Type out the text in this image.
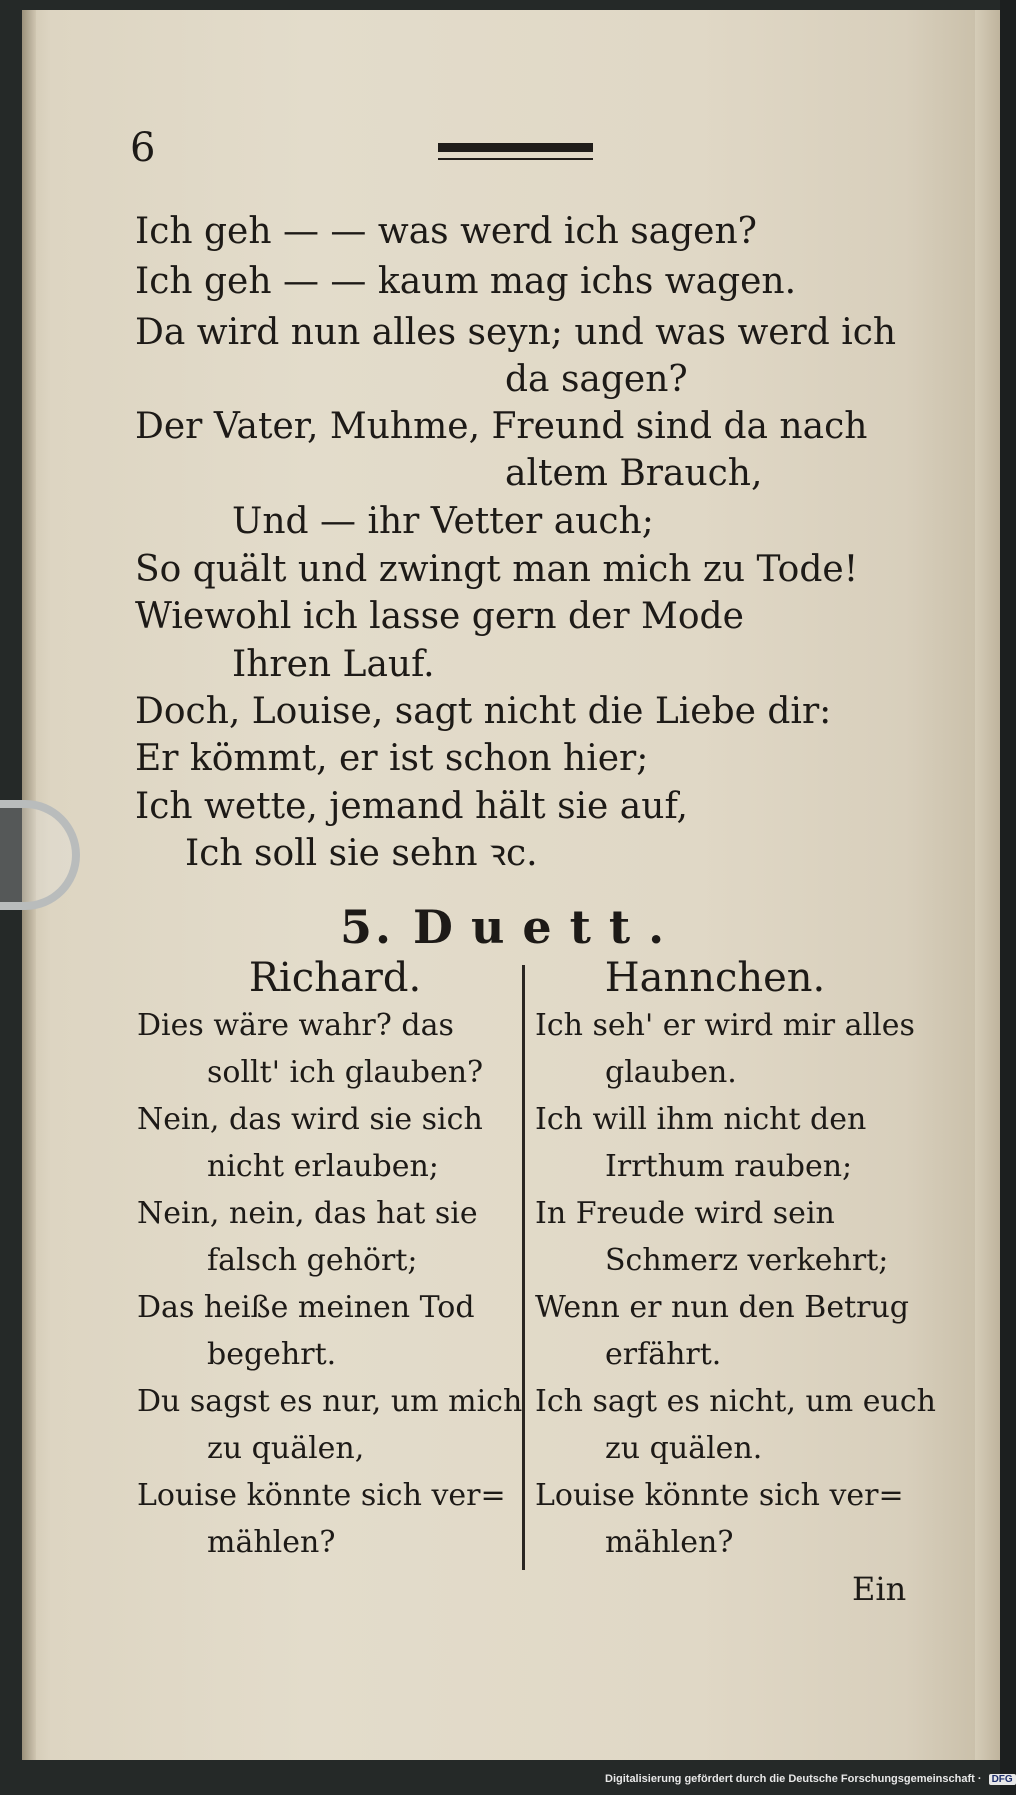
6
Ich geh — — was werd ich sagen?
Ich geh — — kaum mag ichs wagen.
Da wird nun alles seyn; und was werd ich
da sagen?
Der Vater, Muhme, Freund sind da nach
altem Brauch,
Und — ihr Vetter auch;
So quält und zwingt man mich zu Tode!
Wiewohl ich lasse gern der Mode
Ihren Lauf.
Doch, Louise, sagt nicht die Liebe dir:
Er kömmt, er ist schon hier;
Ich wette, jemand hält sie auf,
Ich soll sie sehn ꝛc.
5. Duett.
Richard.	Hannchen.
Dies wäre wahr? das
sollt' ich glauben?
Nein, das wird sie sich
nicht erlauben;
Nein, nein, das hat sie
falsch gehört;
Das heiße meinen Tod
begehrt.
Du sagst es nur, um mich
zu quälen,
Louise könnte sich ver=
mählen?
Ich seh' er wird mir alles
glauben.
Ich will ihm nicht den
Irrthum rauben;
In Freude wird sein
Schmerz verkehrt;
Wenn er nun den Betrug
erfährt.
Ich sagt es nicht, um euch
zu quälen.
Louise könnte sich ver=
mählen?
Ein
Digitalisierung gefördert durch die Deutsche Forschungsgemeinschaft · DFG
